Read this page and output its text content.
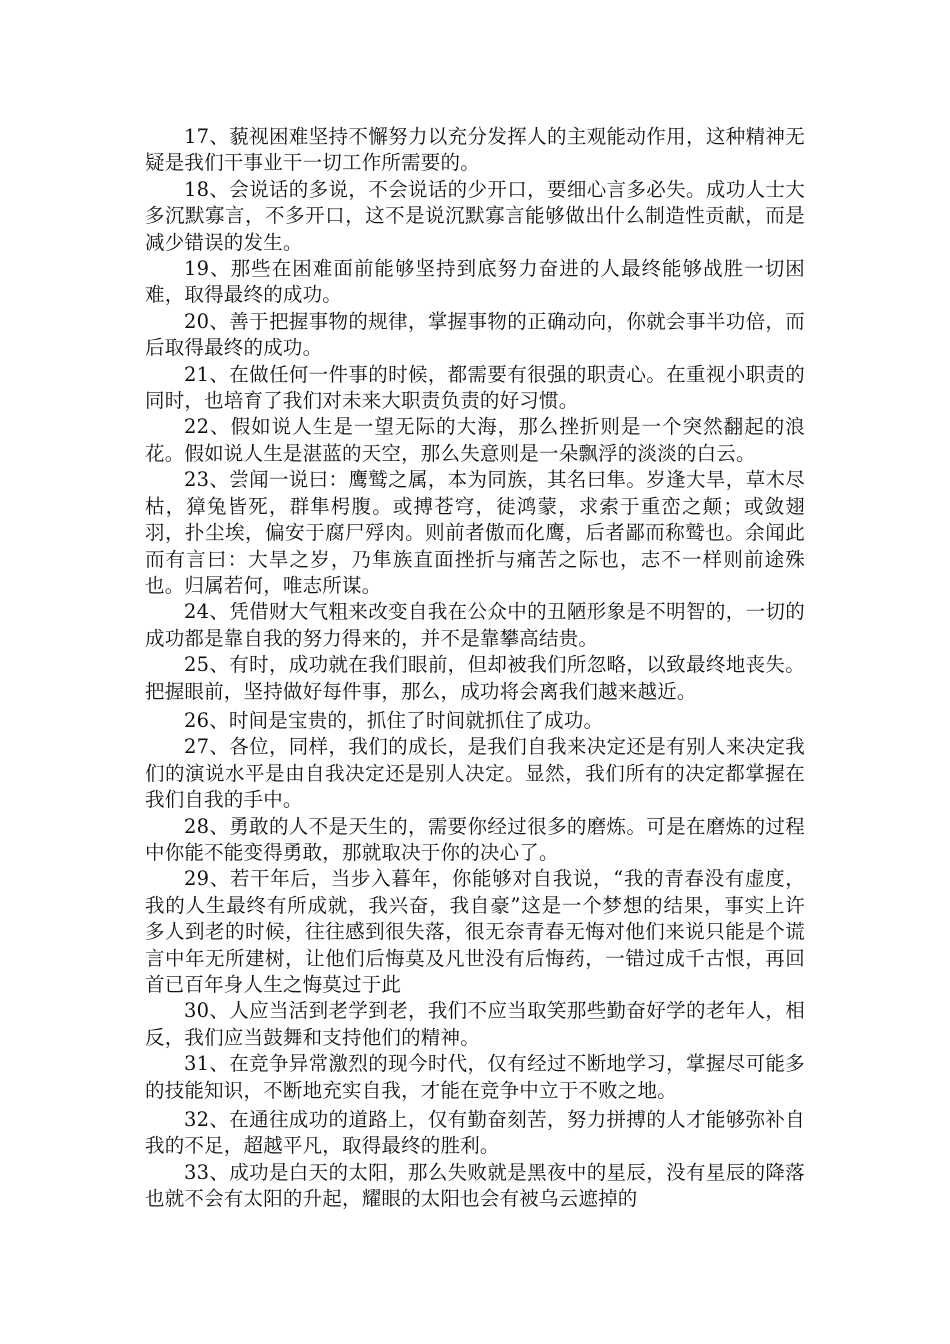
17、藐视困难坚持不懈努力以充分发挥人的主观能动作用，这种精神无疑是我们干事业干一切工作所需要的。

18、会说话的多说，不会说话的少开口，要细心言多必失。成功人士大多沉默寡言，不多开口，这不是说沉默寡言能够做出什么制造性贡献，而是减少错误的发生。

19、那些在困难面前能够坚持到底努力奋进的人最终能够战胜一切困难，取得最终的成功。

20、善于把握事物的规律，掌握事物的正确动向，你就会事半功倍，而后取得最终的成功。

21、在做任何一件事的时候，都需要有很强的职责心。在重视小职责的同时，也培育了我们对未来大职责负责的好习惯。

22、假如说人生是一望无际的大海，那么挫折则是一个突然翻起的浪花。假如说人生是湛蓝的天空，那么失意则是一朵飘浮的淡淡的白云。

23、尝闻一说曰：鹰鹫之属，本为同族，其名曰隼。岁逢大旱，草木尽枯，獐兔皆死，群隼枵腹。或搏苍穹，徒鸿蒙，求索于重峦之颠；或敛翅羽，扑尘埃，偏安于腐尸殍肉。则前者傲而化鹰，后者鄙而称鹫也。余闻此而有言曰：大旱之岁，乃隼族直面挫折与痛苦之际也，志不一样则前途殊也。归属若何，唯志所谋。

24、凭借财大气粗来改变自我在公众中的丑陋形象是不明智的，一切的成功都是靠自我的努力得来的，并不是靠攀高结贵。

25、有时，成功就在我们眼前，但却被我们所忽略，以致最终地丧失。把握眼前，坚持做好每件事，那么，成功将会离我们越来越近。

26、时间是宝贵的，抓住了时间就抓住了成功。

27、各位，同样，我们的成长，是我们自我来决定还是有别人来决定我们的演说水平是由自我决定还是别人决定。显然，我们所有的决定都掌握在我们自我的手中。

28、勇敢的人不是天生的，需要你经过很多的磨炼。可是在磨炼的过程中你能不能变得勇敢，那就取决于你的决心了。

29、若干年后，当步入暮年，你能够对自我说，“我的青春没有虚度，我的人生最终有所成就，我兴奋，我自豪”这是一个梦想的结果，事实上许多人到老的时候，往往感到很失落，很无奈青春无悔对他们来说只能是个谎言中年无所建树，让他们后悔莫及凡世没有后悔药，一错过成千古恨，再回首已百年身人生之悔莫过于此

30、人应当活到老学到老，我们不应当取笑那些勤奋好学的老年人，相反，我们应当鼓舞和支持他们的精神。

31、在竞争异常激烈的现今时代，仅有经过不断地学习，掌握尽可能多的技能知识，不断地充实自我，才能在竞争中立于不败之地。

32、在通往成功的道路上，仅有勤奋刻苦，努力拼搏的人才能够弥补自我的不足，超越平凡，取得最终的胜利。

33、成功是白天的太阳，那么失败就是黑夜中的星辰，没有星辰的降落也就不会有太阳的升起，耀眼的太阳也会有被乌云遮掉的
